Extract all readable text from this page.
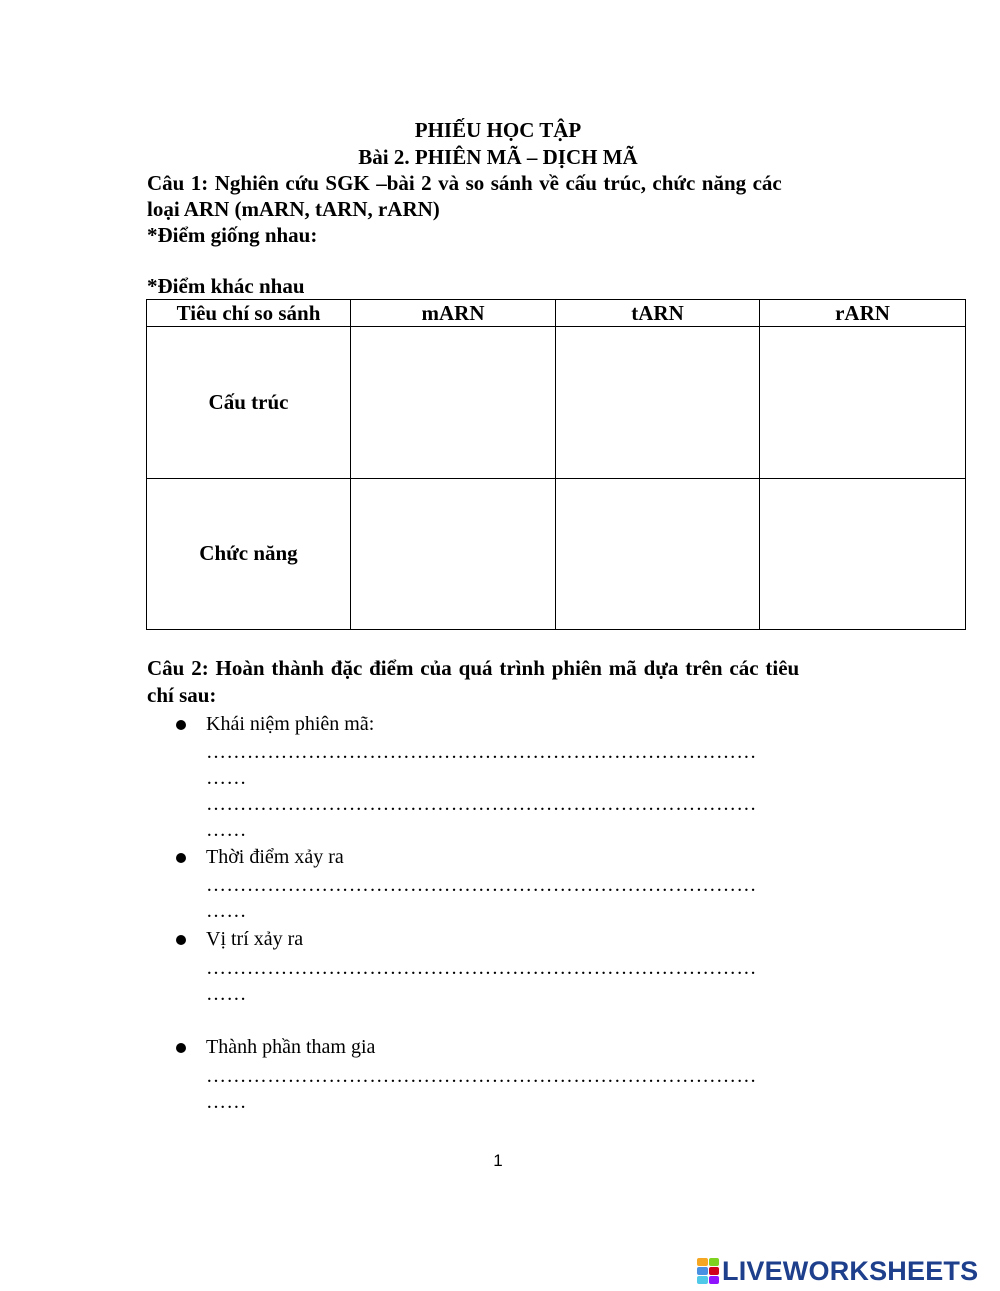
PHIẾU HỌC TẬP
Bài 2. PHIÊN MÃ – DỊCH MÃ
Câu 1: Nghiên cứu SGK –bài 2 và so sánh về cấu trúc, chức năng các
loại ARN (mARN, tARN, rARN)
*Điểm giống nhau:
*Điểm khác nhau
Tiêu chí so sánh	mARN	tARN	rARN
Cấu trúc			
Chức năng			
Câu 2: Hoàn thành đặc điểm của quá trình phiên mã dựa trên các tiêu
chí sau:
Khái niệm phiên mã:
………………………………………………………………………
……
………………………………………………………………………
……
Thời điểm xảy ra
………………………………………………………………………
……
Vị trí xảy ra
………………………………………………………………………
……
Thành phần tham gia
………………………………………………………………………
……
1
LIVEWORKSHEETS
